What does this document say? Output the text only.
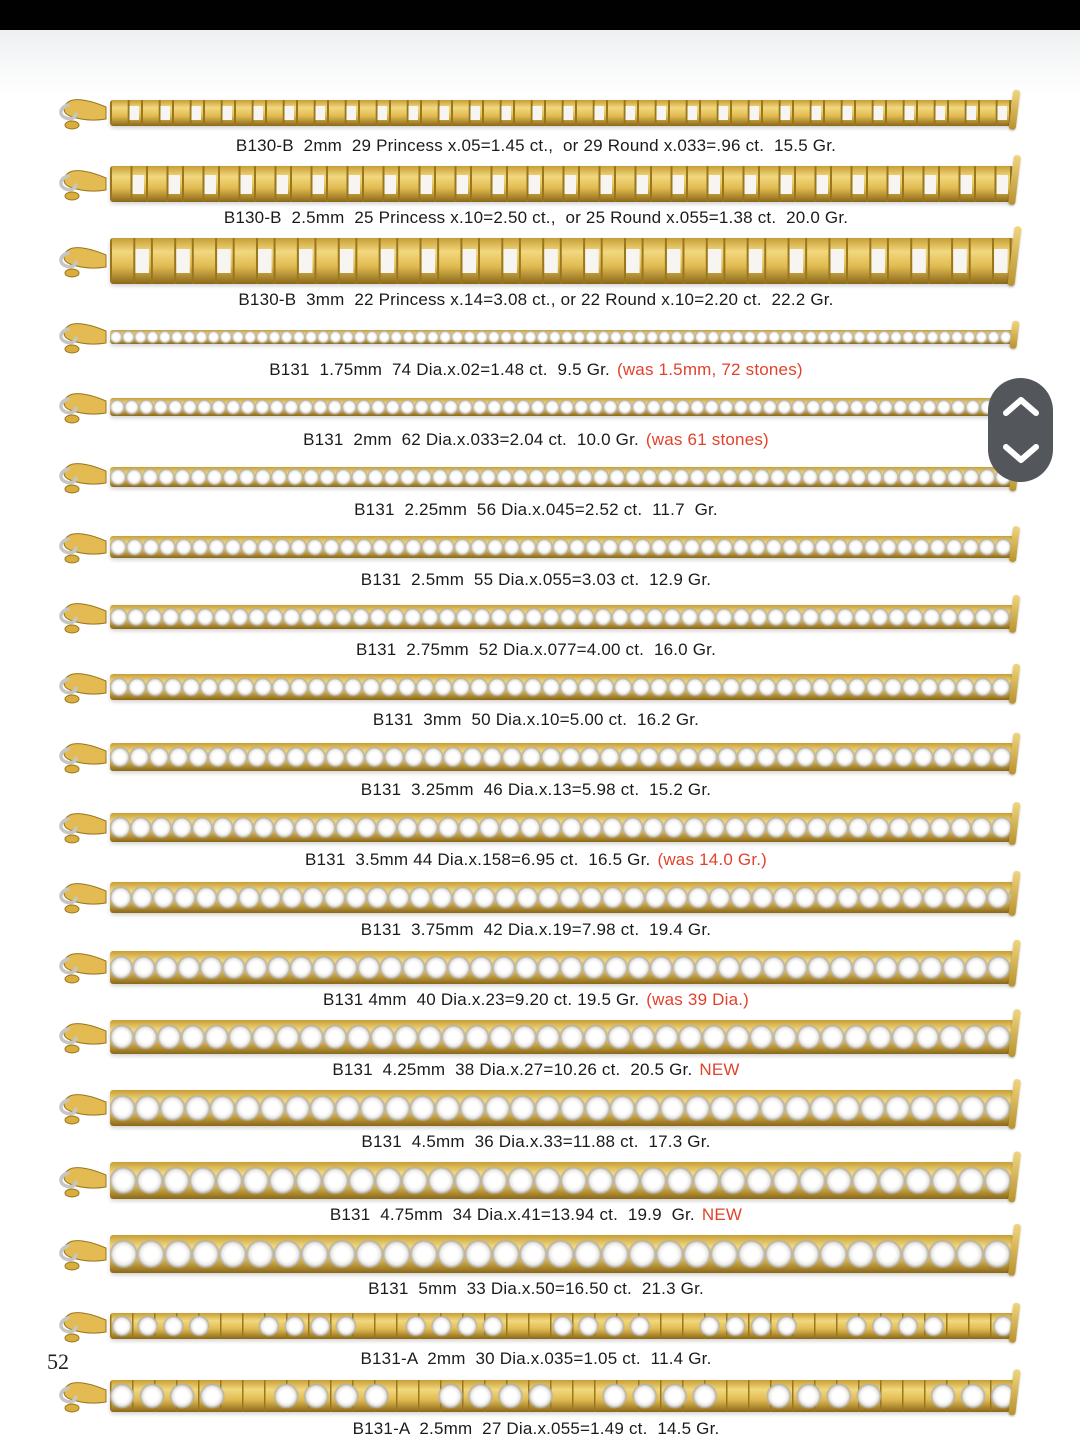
B130-B  2mm  29 Princess x.05=1.45 ct.,  or 29 Round x.033=.96 ct.  15.5 Gr.
B130-B  2.5mm  25 Princess x.10=2.50 ct.,  or 25 Round x.055=1.38 ct.  20.0 Gr.
B130-B  3mm  22 Princess x.14=3.08 ct., or 22 Round x.10=2.20 ct.  22.2 Gr.
B131  1.75mm  74 Dia.x.02=1.48 ct.  9.5 Gr. (was 1.5mm, 72 stones)
B131  2mm  62 Dia.x.033=2.04 ct.  10.0 Gr. (was 61 stones)
B131  2.25mm  56 Dia.x.045=2.52 ct.  11.7  Gr.
B131  2.5mm  55 Dia.x.055=3.03 ct.  12.9 Gr.
B131  2.75mm  52 Dia.x.077=4.00 ct.  16.0 Gr.
B131  3mm  50 Dia.x.10=5.00 ct.  16.2 Gr.
B131  3.25mm  46 Dia.x.13=5.98 ct.  15.2 Gr.
B131  3.5mm 44 Dia.x.158=6.95 ct.  16.5 Gr. (was 14.0 Gr.)
B131  3.75mm  42 Dia.x.19=7.98 ct.  19.4 Gr.
B131 4mm  40 Dia.x.23=9.20 ct. 19.5 Gr. (was 39 Dia.)
B131  4.25mm  38 Dia.x.27=10.26 ct.  20.5 Gr. NEW
B131  4.5mm  36 Dia.x.33=11.88 ct.  17.3 Gr.
B131  4.75mm  34 Dia.x.41=13.94 ct.  19.9  Gr. NEW
B131  5mm  33 Dia.x.50=16.50 ct.  21.3 Gr.
B131-A  2mm  30 Dia.x.035=1.05 ct.  11.4 Gr.
B131-A  2.5mm  27 Dia.x.055=1.49 ct.  14.5 Gr.
52
